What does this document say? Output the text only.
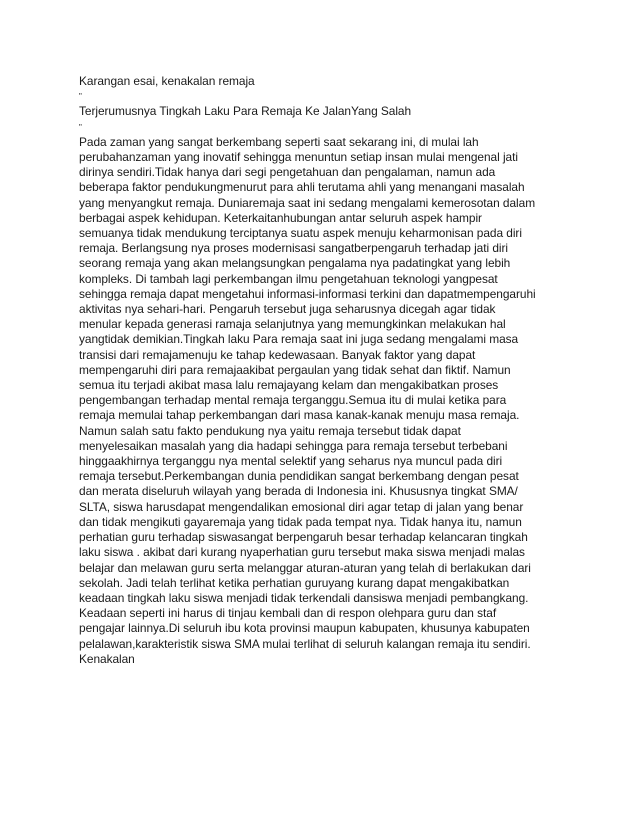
Karangan esai, kenakalan remaja
"
Terjerumusnya Tingkah Laku Para Remaja Ke JalanYang Salah
"
Pada zaman yang sangat berkembang seperti saat sekarang ini, di mulai lah
perubahanzaman yang inovatif sehingga menuntun setiap insan mulai mengenal jati
dirinya sendiri.Tidak hanya dari segi pengetahuan dan pengalaman, namun ada
beberapa faktor pendukungmenurut para ahli terutama ahli yang menangani masalah
yang menyangkut remaja. Duniaremaja saat ini sedang mengalami kemerosotan dalam
berbagai aspek kehidupan. Keterkaitanhubungan antar seluruh aspek hampir
semuanya tidak mendukung terciptanya suatu aspek menuju keharmonisan pada diri
remaja. Berlangsung nya proses modernisasi sangatberpengaruh terhadap jati diri
seorang remaja yang akan melangsungkan pengalama nya padatingkat yang lebih
kompleks. Di tambah lagi perkembangan ilmu pengetahuan teknologi yangpesat
sehingga remaja dapat mengetahui informasi-informasi terkini dan dapatmempengaruhi
aktivitas nya sehari-hari. Pengaruh tersebut juga seharusnya dicegah agar tidak
menular kepada generasi ramaja selanjutnya yang memungkinkan melakukan hal
yangtidak demikian.Tingkah laku Para remaja saat ini juga sedang mengalami masa
transisi dari remajamenuju ke tahap kedewasaan. Banyak faktor yang dapat
mempengaruhi diri para remajaakibat pergaulan yang tidak sehat dan fiktif. Namun
semua itu terjadi akibat masa lalu remajayang kelam dan mengakibatkan proses
pengembangan terhadap mental remaja terganggu.Semua itu di mulai ketika para
remaja memulai tahap perkembangan dari masa kanak-kanak menuju masa remaja.
Namun salah satu fakto pendukung nya yaitu remaja tersebut tidak dapat
menyelesaikan masalah yang dia hadapi sehingga para remaja tersebut terbebani
hinggaakhirnya terganggu nya mental selektif yang seharus nya muncul pada diri
remaja tersebut.Perkembangan dunia pendidikan sangat berkembang dengan pesat
dan merata diseluruh wilayah yang berada di Indonesia ini. Khususnya tingkat SMA/
SLTA, siswa harusdapat mengendalikan emosional diri agar tetap di jalan yang benar
dan tidak mengikuti gayaremaja yang tidak pada tempat nya. Tidak hanya itu, namun
perhatian guru terhadap siswasangat berpengaruh besar terhadap kelancaran tingkah
laku siswa . akibat dari kurang nyaperhatian guru tersebut maka siswa menjadi malas
belajar dan melawan guru serta melanggar aturan-aturan yang telah di berlakukan dari
sekolah. Jadi telah terlihat ketika perhatian guruyang kurang dapat mengakibatkan
keadaan tingkah laku siswa menjadi tidak terkendali dansiswa menjadi pembangkang.
Keadaan seperti ini harus di tinjau kembali dan di respon olehpara guru dan staf
pengajar lainnya.Di seluruh ibu kota provinsi maupun kabupaten, khusunya kabupaten
pelalawan,karakteristik siswa SMA mulai terlihat di seluruh kalangan remaja itu sendiri.
Kenakalan
